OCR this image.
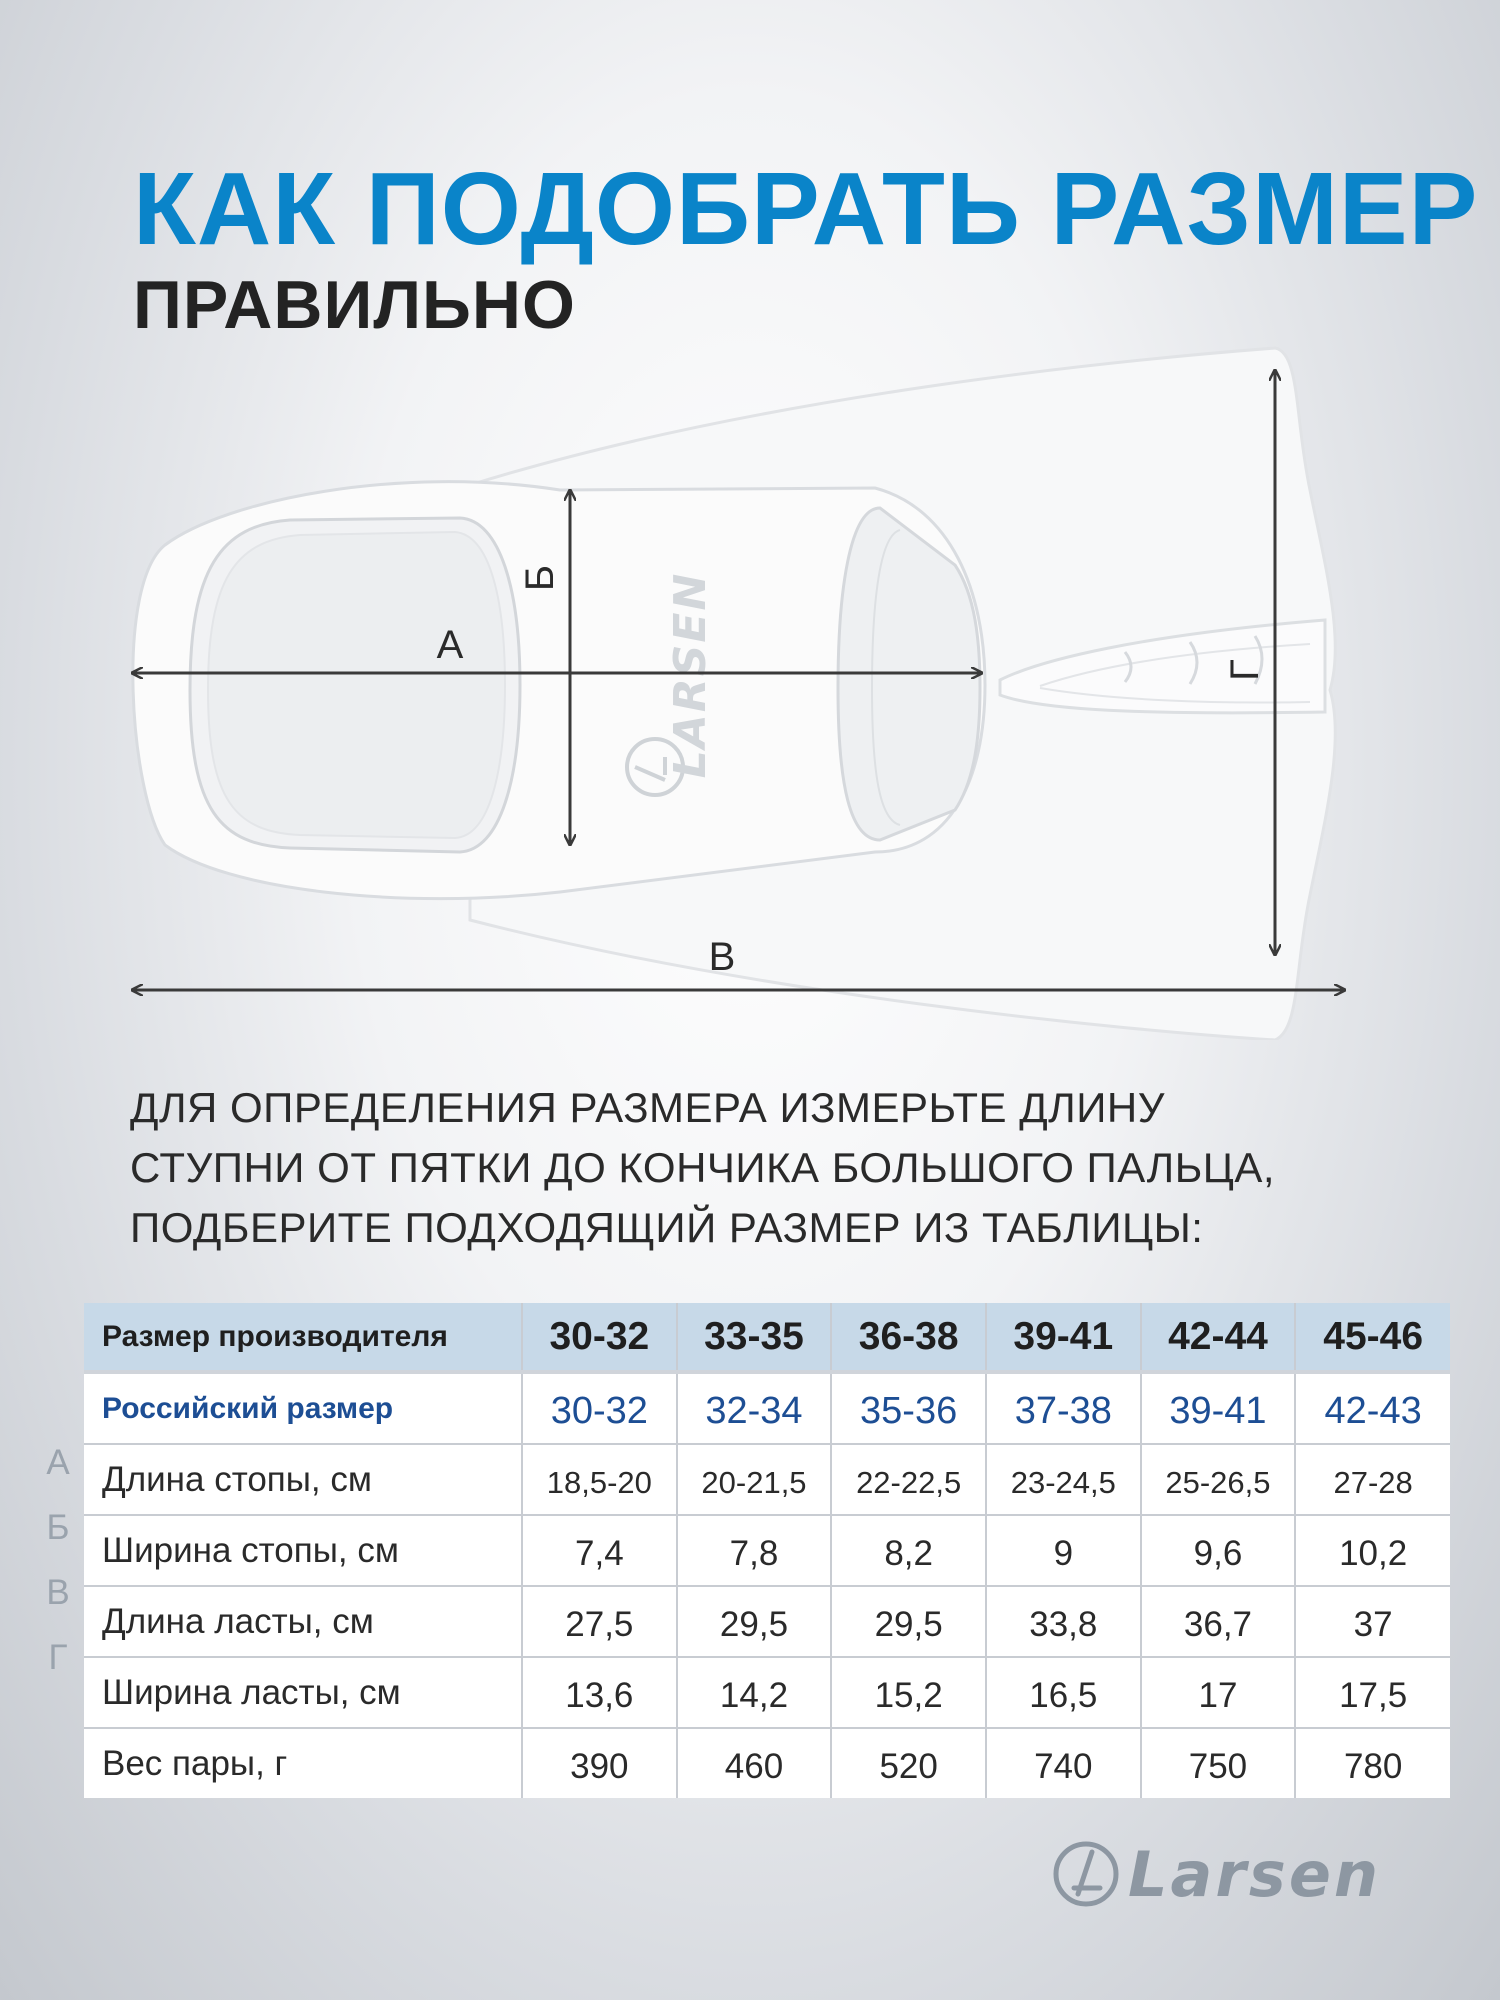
КАК ПОДОБРАТЬ РАЗМЕР
ПРАВИЛЬНО
LARSEN
А
Б
В
Г
ДЛЯ ОПРЕДЕЛЕНИЯ РАЗМЕРА ИЗМЕРЬТЕ ДЛИНУ
СТУПНИ ОТ ПЯТКИ ДО КОНЧИКА БОЛЬШОГО ПАЛЬЦА,
ПОДБЕРИТЕ ПОДХОДЯЩИЙ РАЗМЕР ИЗ ТАБЛИЦЫ:
Размер производителя	30-32	33-35	36-38	39-41	42-44	45-46
Российский размер	30-32	32-34	35-36	37-38	39-41	42-43
Длина стопы, см	18,5-20	20-21,5	22-22,5	23-24,5	25-26,5	27-28
Ширина стопы, см	7,4	7,8	8,2	9	9,6	10,2
Длина ласты, см	27,5	29,5	29,5	33,8	36,7	37
Ширина ласты, см	13,6	14,2	15,2	16,5	17	17,5
Вес пары, г	390	460	520	740	750	780
А
Б
В
Г
Larsen
